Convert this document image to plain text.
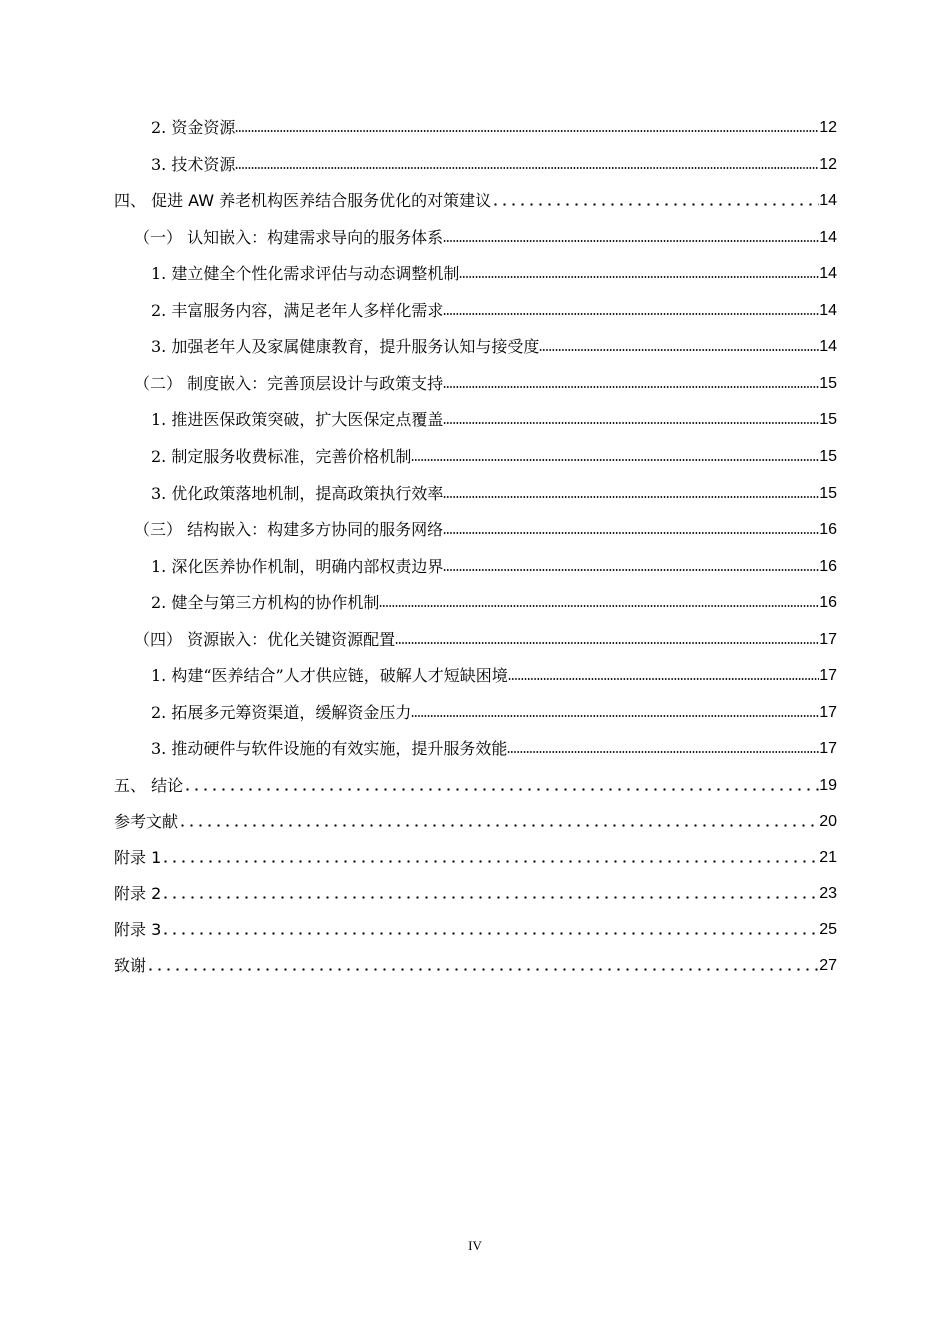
2. 资金资源	12
3. 技术资源	12
四、 促进 AW 养老机构医养结合服务优化的对策建议	14
（一） 认知嵌入：构建需求导向的服务体系	14
1. 建立健全个性化需求评估与动态调整机制	14
2. 丰富服务内容，满足老年人多样化需求	14
3. 加强老年人及家属健康教育，提升服务认知与接受度	14
（二） 制度嵌入：完善顶层设计与政策支持	15
1. 推进医保政策突破，扩大医保定点覆盖	15
2. 制定服务收费标准，完善价格机制	15
3. 优化政策落地机制，提高政策执行效率	15
（三） 结构嵌入：构建多方协同的服务网络	16
1. 深化医养协作机制，明确内部权责边界	16
2. 健全与第三方机构的协作机制	16
（四） 资源嵌入：优化关键资源配置	17
1. 构建“医养结合”人才供应链，破解人才短缺困境	17
2. 拓展多元筹资渠道，缓解资金压力	17
3. 推动硬件与软件设施的有效实施，提升服务效能	17
五、 结论	19
参考文献	20
附录 1	21
附录 2	23
附录 3	25
致谢	27
IV
